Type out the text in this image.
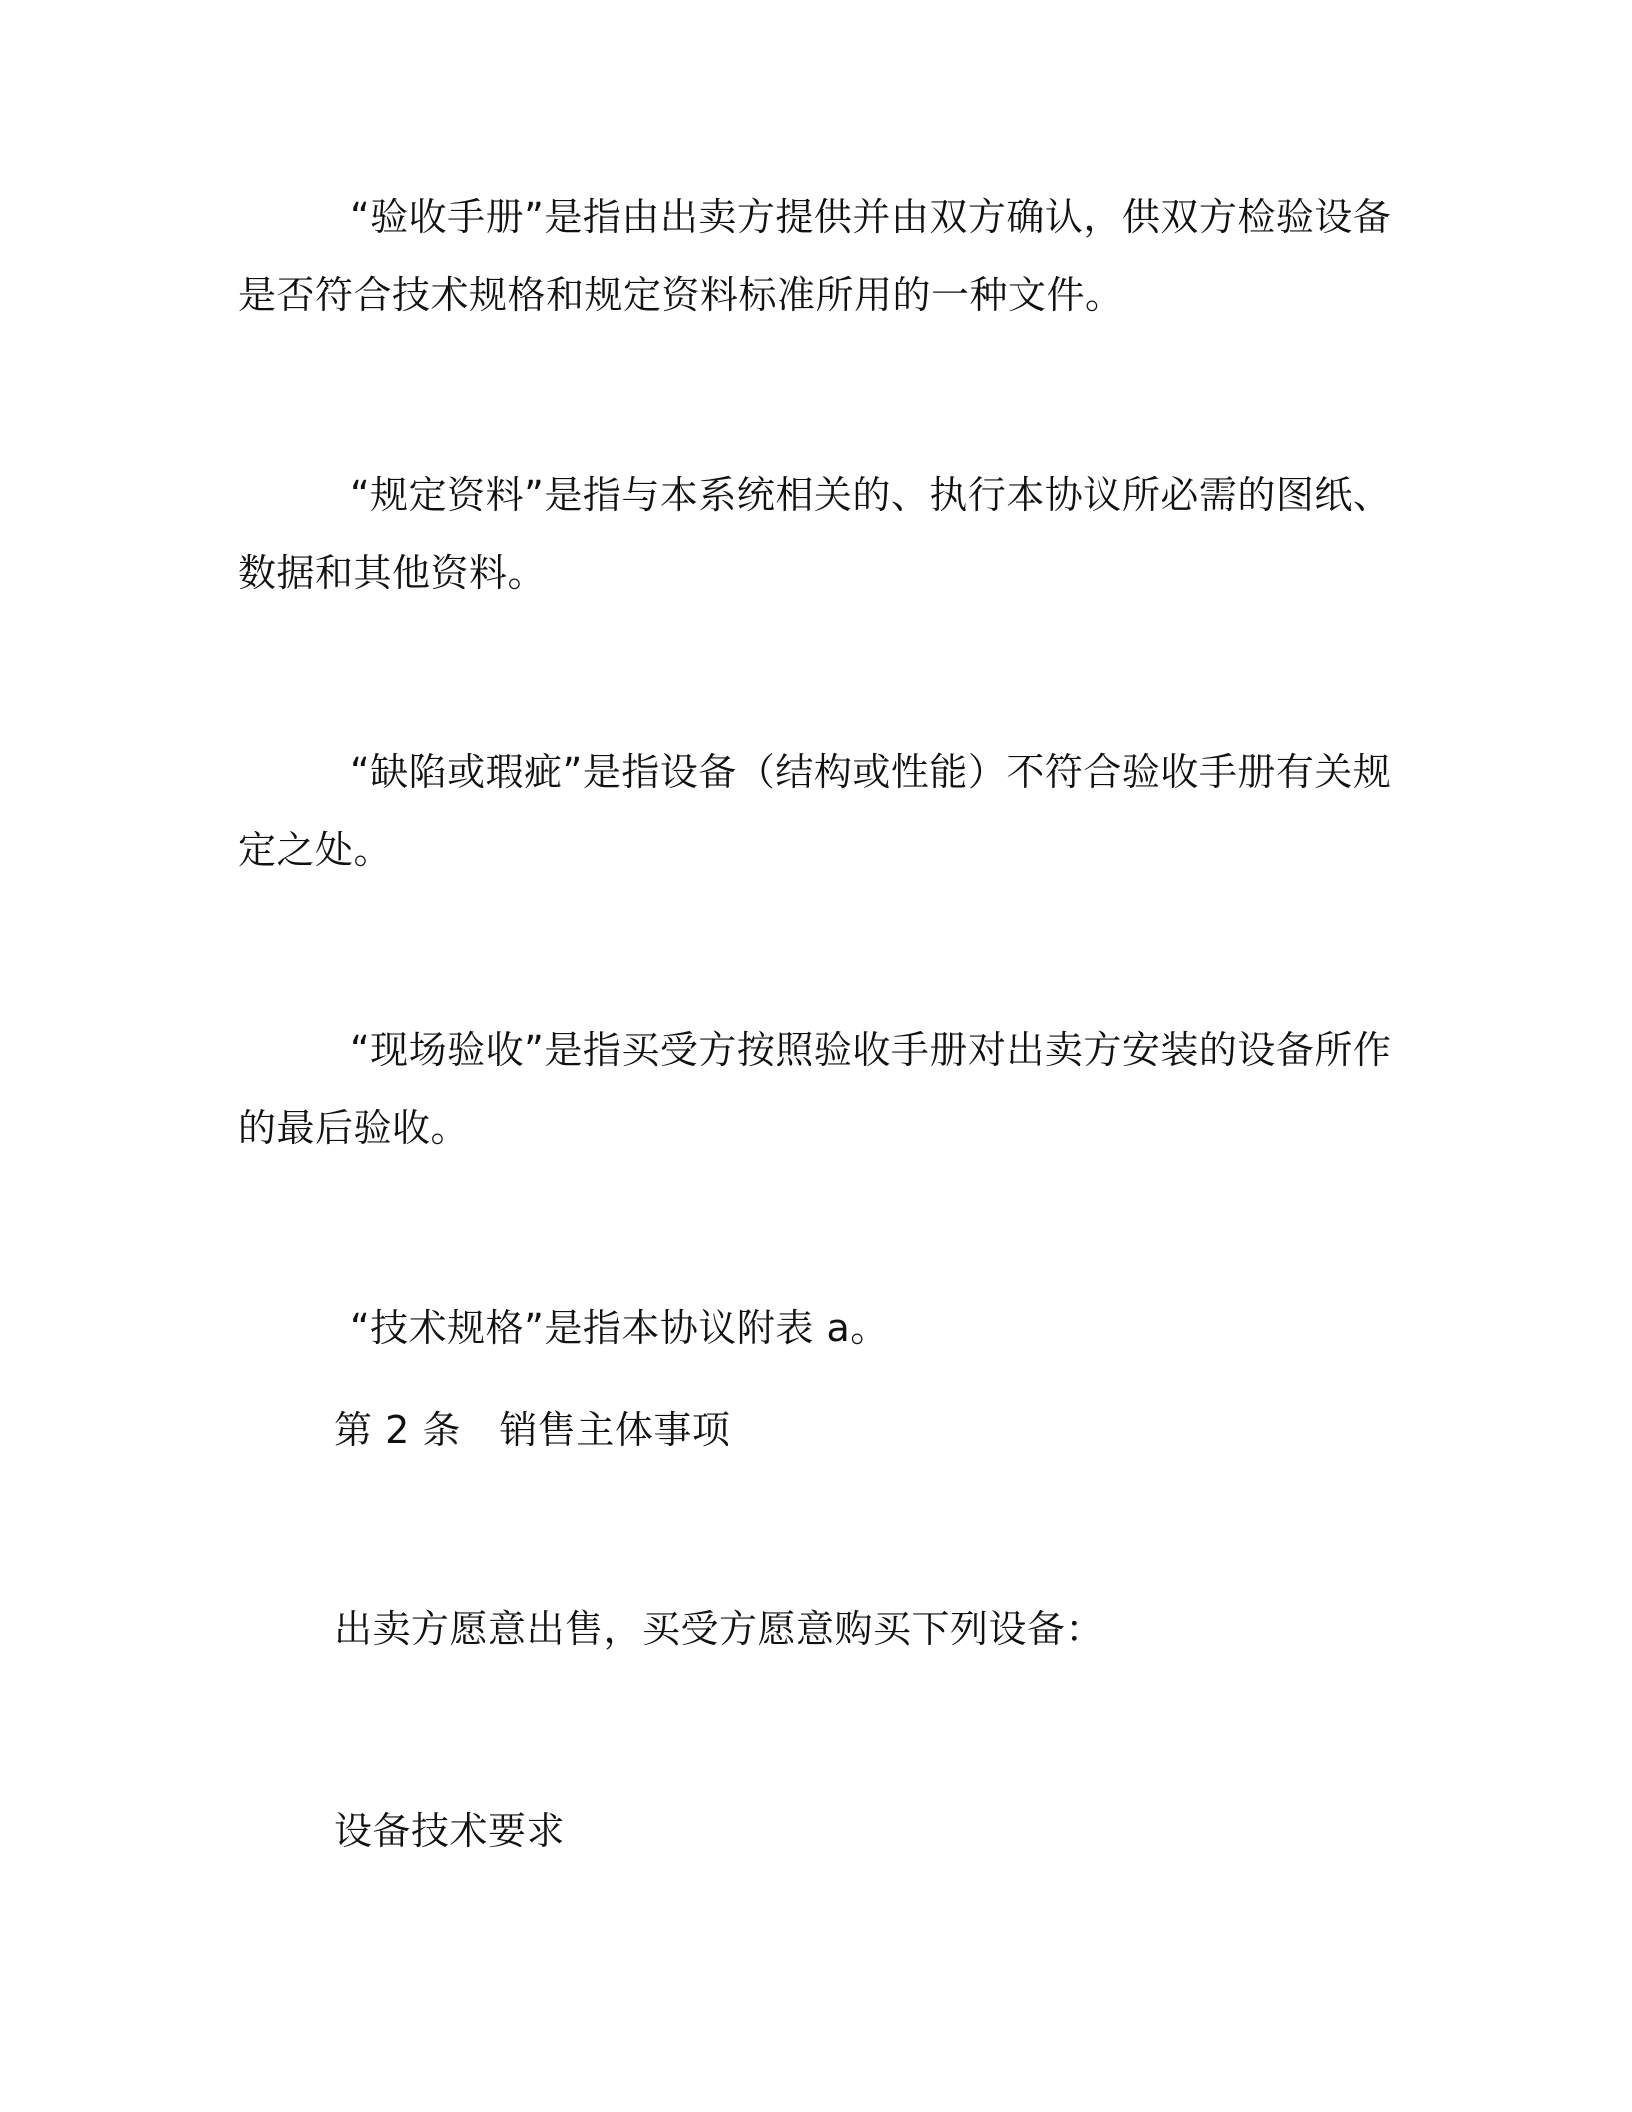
“验收手册”是指由出卖方提供并由双方确认，供双方检验设备
是否符合技术规格和规定资料标准所用的一种文件。
“规定资料”是指与本系统相关的、执行本协议所必需的图纸、
数据和其他资料。
“缺陷或瑕疵”是指设备（结构或性能）不符合验收手册有关规
定之处。
“现场验收”是指买受方按照验收手册对出卖方安装的设备所作
的最后验收。
“技术规格”是指本协议附表 a。
第 2 条　销售主体事项
出卖方愿意出售，买受方愿意购买下列设备：
设备技术要求
